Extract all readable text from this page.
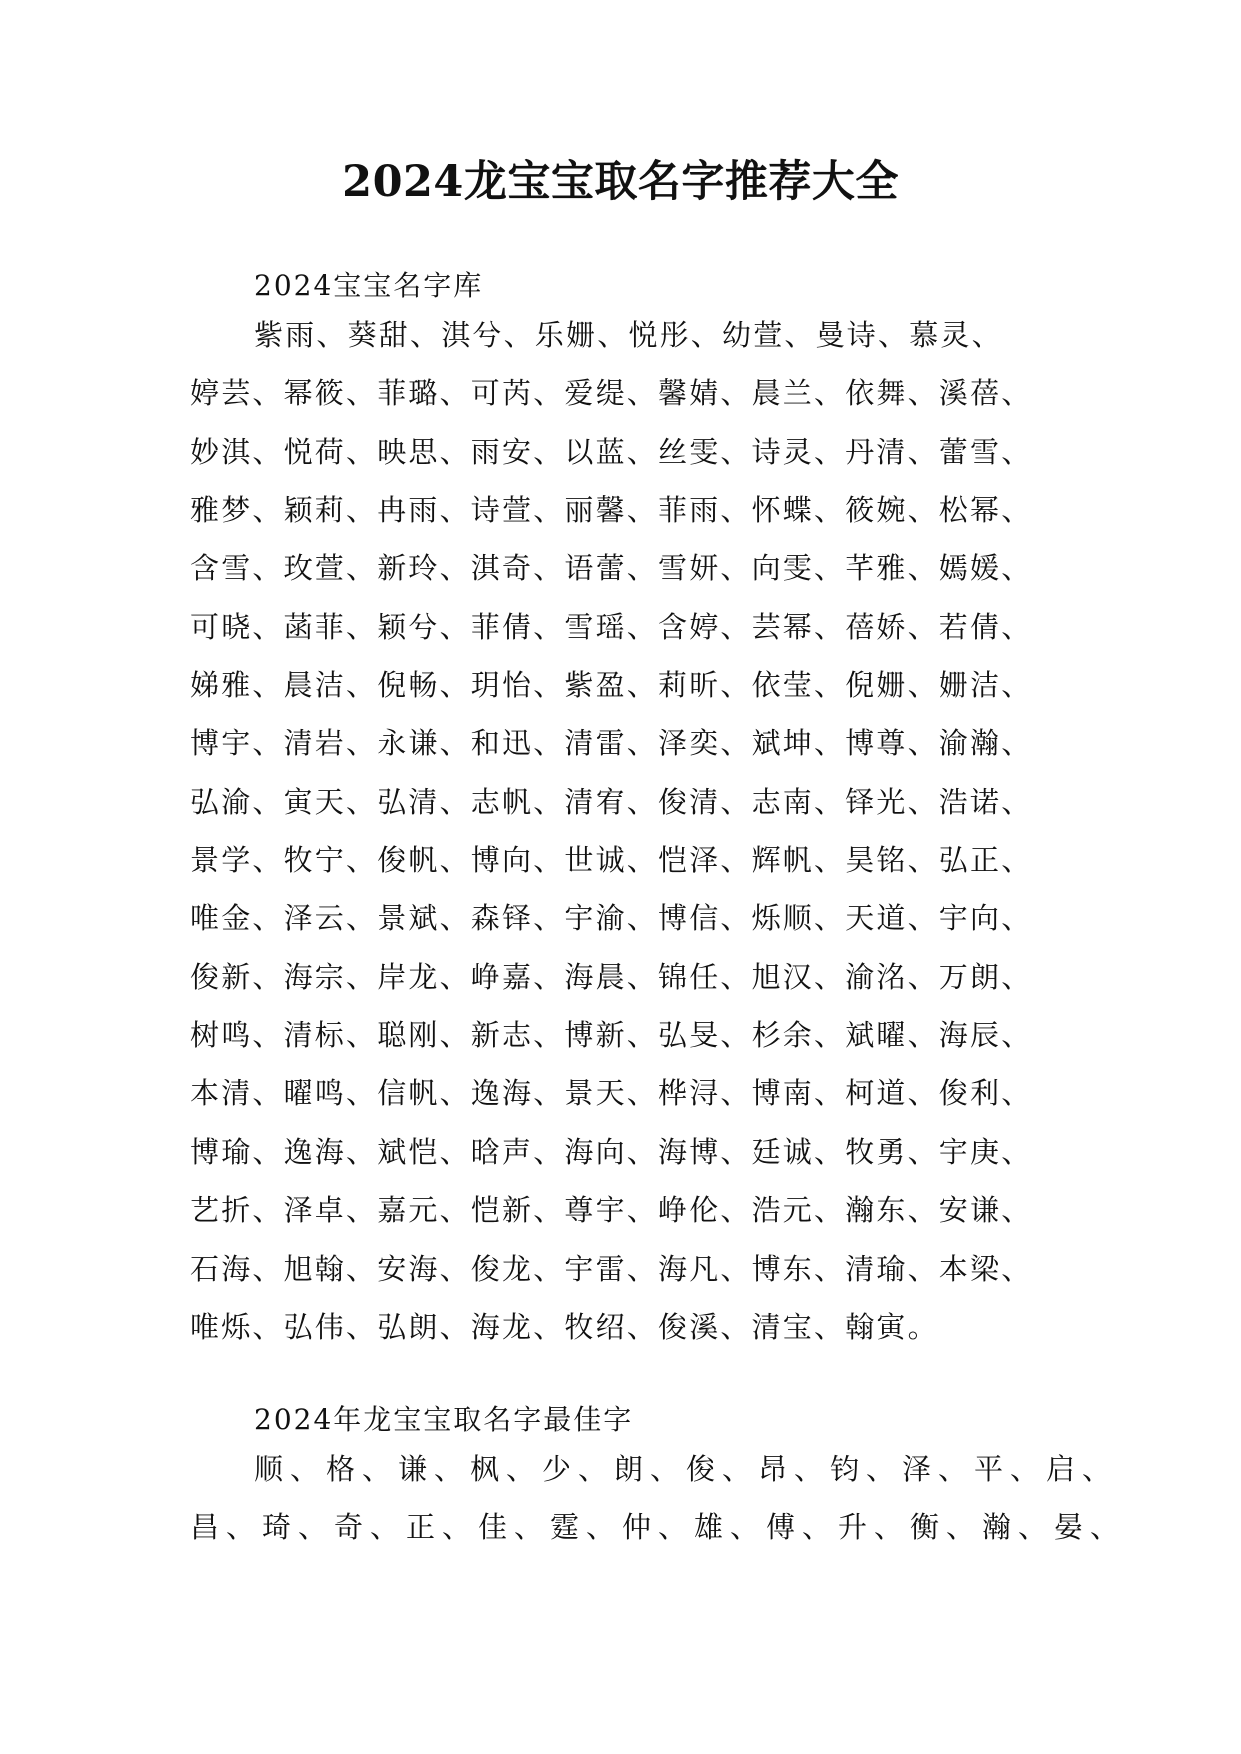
2024龙宝宝取名字推荐大全
2024宝宝名字库
紫雨、葵甜、淇兮、乐姗、悦彤、幼萱、曼诗、慕灵、
婷芸、幂筱、菲璐、可芮、爱缇、馨婧、晨兰、依舞、溪蓓、
妙淇、悦荷、映思、雨安、以蓝、丝雯、诗灵、丹清、蕾雪、
雅梦、颖莉、冉雨、诗萱、丽馨、菲雨、怀蝶、筱婉、松幂、
含雪、玫萱、新玲、淇奇、语蕾、雪妍、向雯、芊雅、嫣媛、
可晓、菡菲、颖兮、菲倩、雪瑶、含婷、芸幂、蓓娇、若倩、
娣雅、晨洁、倪畅、玥怡、紫盈、莉昕、依莹、倪姗、姗洁、
博宇、清岩、永谦、和迅、清雷、泽奕、斌坤、博尊、渝瀚、
弘渝、寅天、弘清、志帆、清宥、俊清、志南、铎光、浩诺、
景学、牧宁、俊帆、博向、世诚、恺泽、辉帆、昊铭、弘正、
唯金、泽云、景斌、森铎、宇渝、博信、烁顺、天道、宇向、
俊新、海宗、岸龙、峥嘉、海晨、锦任、旭汉、渝洺、万朗、
树鸣、清标、聪刚、新志、博新、弘旻、杉余、斌曜、海辰、
本清、曜鸣、信帆、逸海、景天、桦浔、博南、柯道、俊利、
博瑜、逸海、斌恺、晗声、海向、海博、廷诚、牧勇、宇庚、
艺折、泽卓、嘉元、恺新、尊宇、峥伦、浩元、瀚东、安谦、
石海、旭翰、安海、俊龙、宇雷、海凡、博东、清瑜、本梁、
唯烁、弘伟、弘朗、海龙、牧绍、俊溪、清宝、翰寅。
2024年龙宝宝取名字最佳字
顺、格、谦、枫、少、朗、俊、昂、钧、泽、平、启、
昌、琦、奇、正、佳、霆、仲、雄、傅、升、衡、瀚、晏、
